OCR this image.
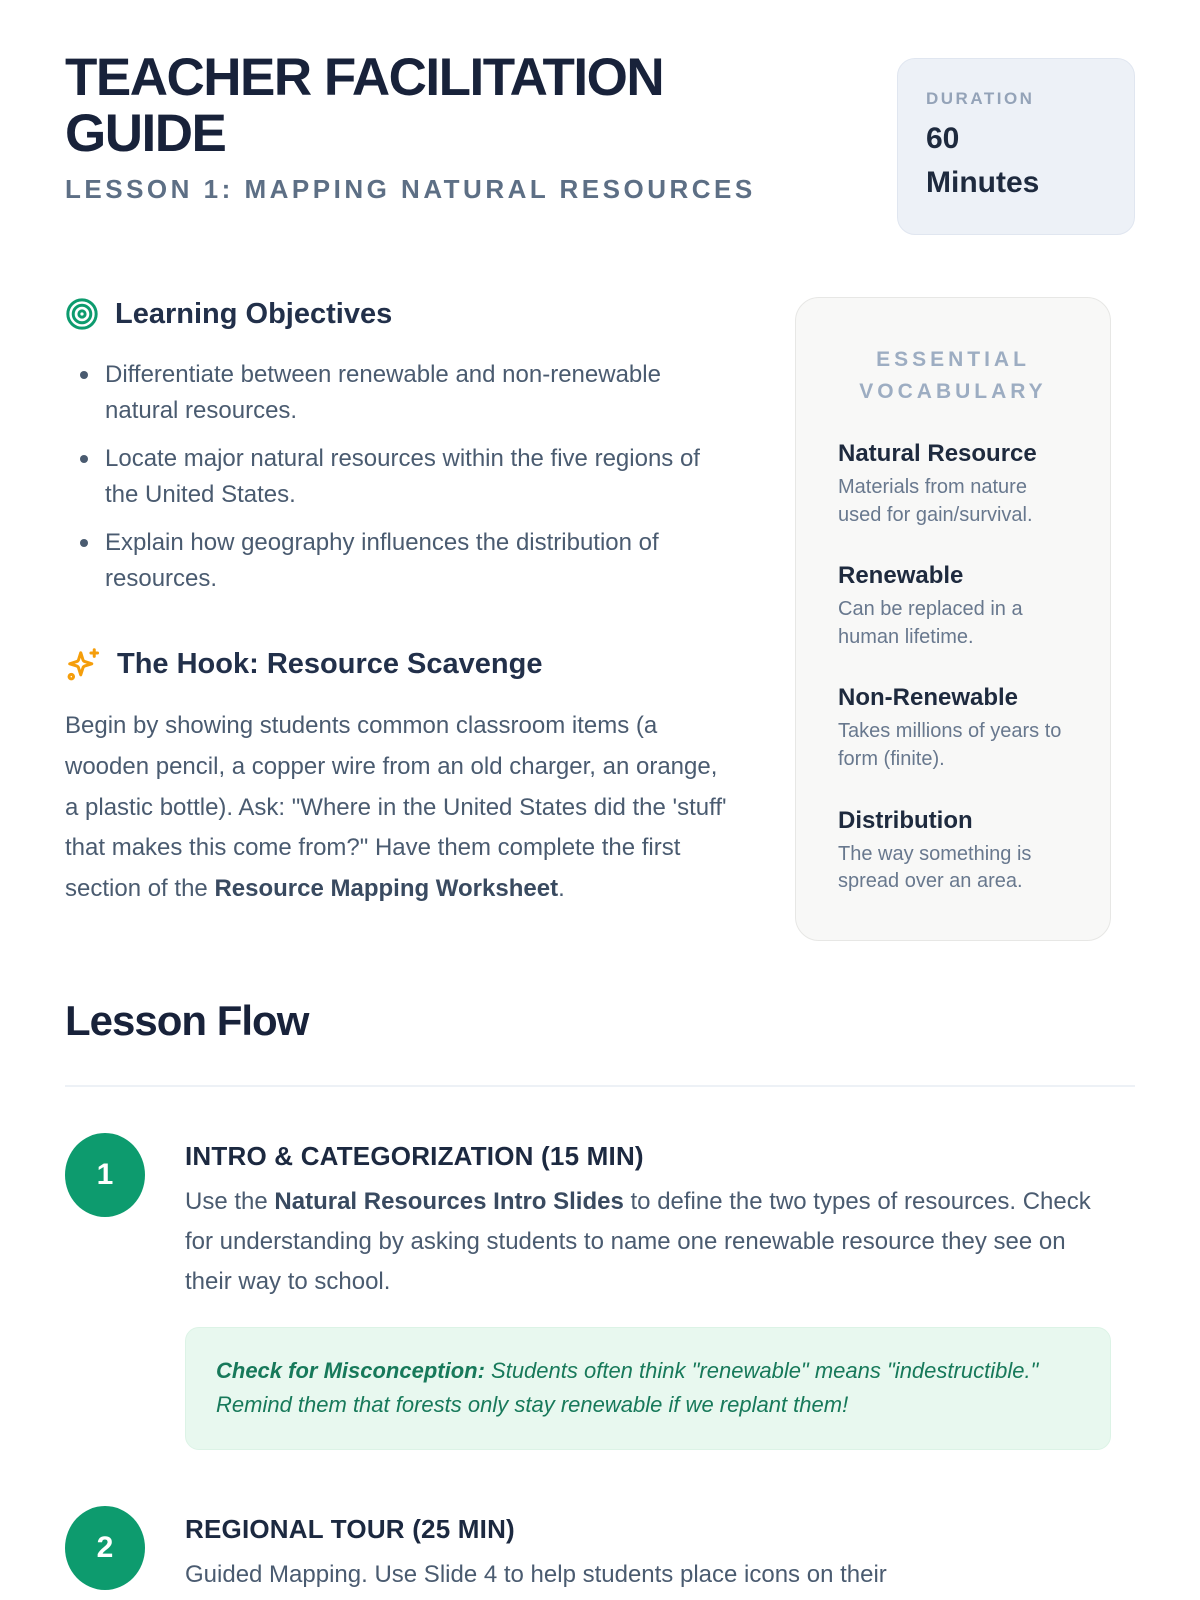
TEACHER FACILITATION GUIDE
LESSON 1: MAPPING NATURAL RESOURCES
DURATION
60 Minutes
Learning Objectives
Differentiate between renewable and non-renewable natural resources.
Locate major natural resources within the five regions of the United States.
Explain how geography influences the distribution of resources.
The Hook: Resource Scavenge

Begin by showing students common classroom items (a wooden pencil, a copper wire from an old charger, an orange, a plastic bottle). Ask: "Where in the United States did the 'stuff' that makes this come from?" Have them complete the first section of the Resource Mapping Worksheet.

ESSENTIAL VOCABULARY
Natural Resource
Materials from nature used for gain/survival.
Renewable
Can be replaced in a human lifetime.
Non-Renewable
Takes millions of years to form (finite).
Distribution
The way something is spread over an area.
Lesson Flow
1
INTRO & CATEGORIZATION (15 MIN)

Use the Natural Resources Intro Slides to define the two types of resources. Check for understanding by asking students to name one renewable resource they see on their way to school.

Check for Misconception: Students often think "renewable" means "indestructible." Remind them that forests only stay renewable if we replant them!

2
REGIONAL TOUR (25 MIN)

Guided Mapping. Use Slide 4 to help students place icons on their
